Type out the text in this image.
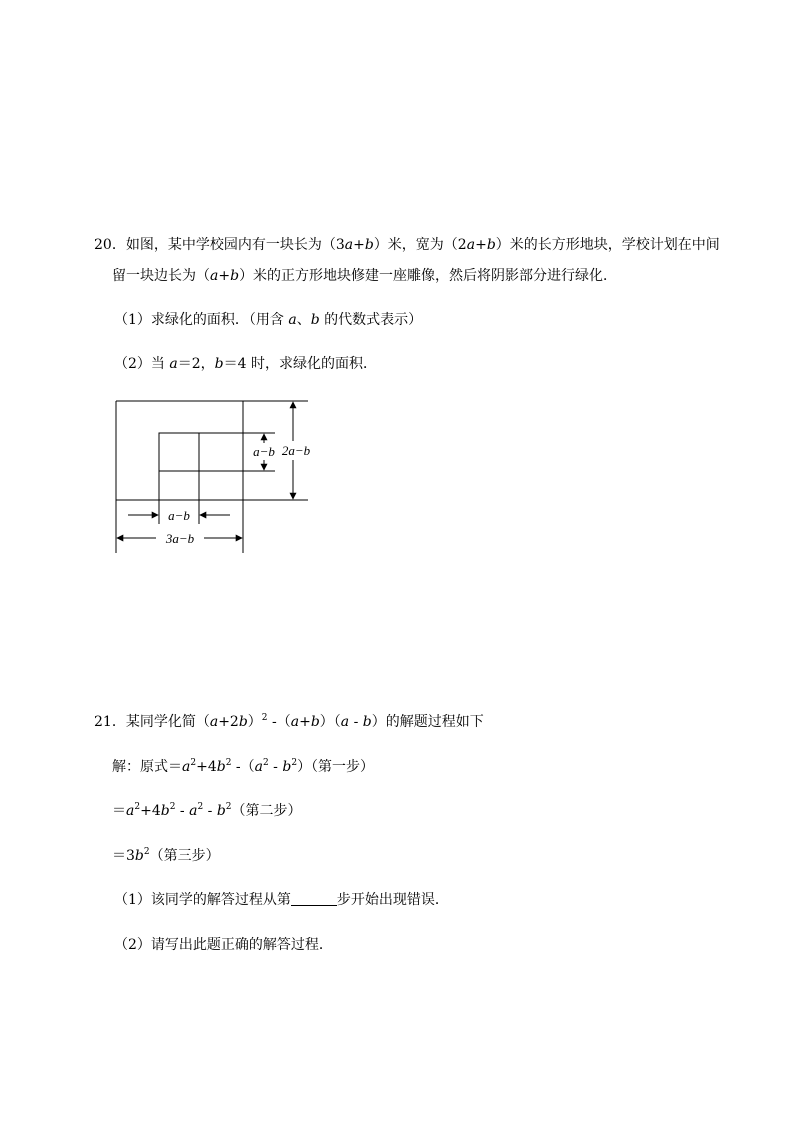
20．如图，某中学校园内有一块长为（3a+b）米，宽为（2a+b）米的长方形地块，学校计划在中间
留一块边长为（a+b）米的正方形地块修建一座雕像，然后将阴影部分进行绿化．
（1）求绿化的面积．（用含 a、b 的代数式表示）
（2）当 a＝2，b＝4 时，求绿化的面积．
a−b 2a−b
a−b
3a−b
21．某同学化简$(a+2b)^2$ -（a+b）（a - b）的解题过程如下
解：原式$=a^2+4b^2$ $-(a^2 - b^2)$（第一步）
$=a^2+4b^2 - a^2 - b^2$（第二步）
$=3b^2$（第三步）
（1）该同学的解答过程从第	步开始出现错误．
（2）请写出此题正确的解答过程．
